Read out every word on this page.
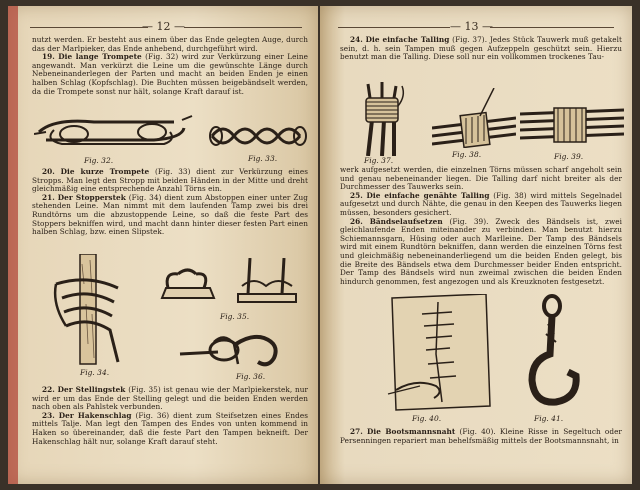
— 12 —

nutzt werden. Er besteht aus einem über das Ende gelegten Auge, durch das der Marlpieker, das Ende anhebend, durchgeführt wird.

19. Die lange Trompete (Fig. 32) wird zur Verkürzung einer Leine angewandt. Man verkürzt die Leine um die gewünschte Länge durch Nebeneinanderlegen der Parten und macht an beiden Enden je einen halben Schlag (Kopfschlag). Die Buchten müssen beigebändselt werden, da die Trompete sonst nur hält, solange Kraft darauf ist.

Fig. 32.	Fig. 33.

20. Die kurze Trompete (Fig. 33) dient zur Verkürzung eines Stropps. Man legt den Stropp mit beiden Händen in der Mitte und dreht gleichmäßig eine entsprechende Anzahl Törns ein.

21. Der Stopperstek (Fig. 34) dient zum Abstoppen einer unter Zug stehenden Leine. Man nimmt mit dem laufenden Tamp zwei bis drei Rundtörns um die abzustoppende Leine, so daß die feste Part des Stoppers bekniffen wird, und macht dann hinter dieser festen Part einen halben Schlag, bzw. einen Slipstek.

Fig. 34.
Fig. 35.
Fig. 36.

22. Der Stellingstek (Fig. 35) ist genau wie der Marlpiekerstek, nur wird er um das Ende der Stelling gelegt und die beiden Enden werden nach oben als Pahlstek verbunden.

23. Der Hakenschlag (Fig. 36) dient zum Steifsetzen eines Endes mittels Talje. Man legt den Tampen des Endes von unten kommend in Haken so übereinander, daß die feste Part den Tampen bekneift. Der Hakenschlag hält nur, solange Kraft darauf steht.

— 13 —

24. Die einfache Talling (Fig. 37). Jedes Stück Tauwerk muß getakelt sein, d. h. sein Tampen muß gegen Aufzeppeln geschützt sein. Hierzu benutzt man die Talling. Diese soll nur ein vollkommen trockenes Tau-

Fig. 37.
Fig. 38.	Fig. 39.

werk aufgesetzt werden, die einzelnen Törns müssen scharf angeholt sein und genau nebeneinander liegen. Die Talling darf nicht breiter als der Durchmesser des Tauwerks sein.

25. Die einfache genähte Talling (Fig. 38) wird mittels Segelnadel aufgesetzt und durch Nähte, die genau in den Keepen des Tauwerks liegen müssen, besonders gesichert.

26. Bändselaufsetzen (Fig. 39). Zweck des Bändsels ist, zwei gleichlaufende Enden miteinander zu verbinden. Man benutzt hierzu Schiemannsgarn, Hüsing oder auch Marlleine. Der Tamp des Bändsels wird mit einem Rundtörn bekniffen, dann werden die einzelnen Törns fest und gleichmäßig nebeneinanderliegend um die beiden Enden gelegt, bis die Breite des Bändsels etwa dem Durchmesser beider Enden entspricht. Der Tamp des Bändsels wird nun zweimal zwischen die beiden Enden hindurch genommen, fest angezogen und als Kreuzknoten festgesetzt.

Fig. 40.	Fig. 41.

27. Die Bootsmannsnaht (Fig. 40). Kleine Risse in Segeltuch oder Persenningen repariert man behelfsmäßig mittels der Bootsmannsnaht, in
